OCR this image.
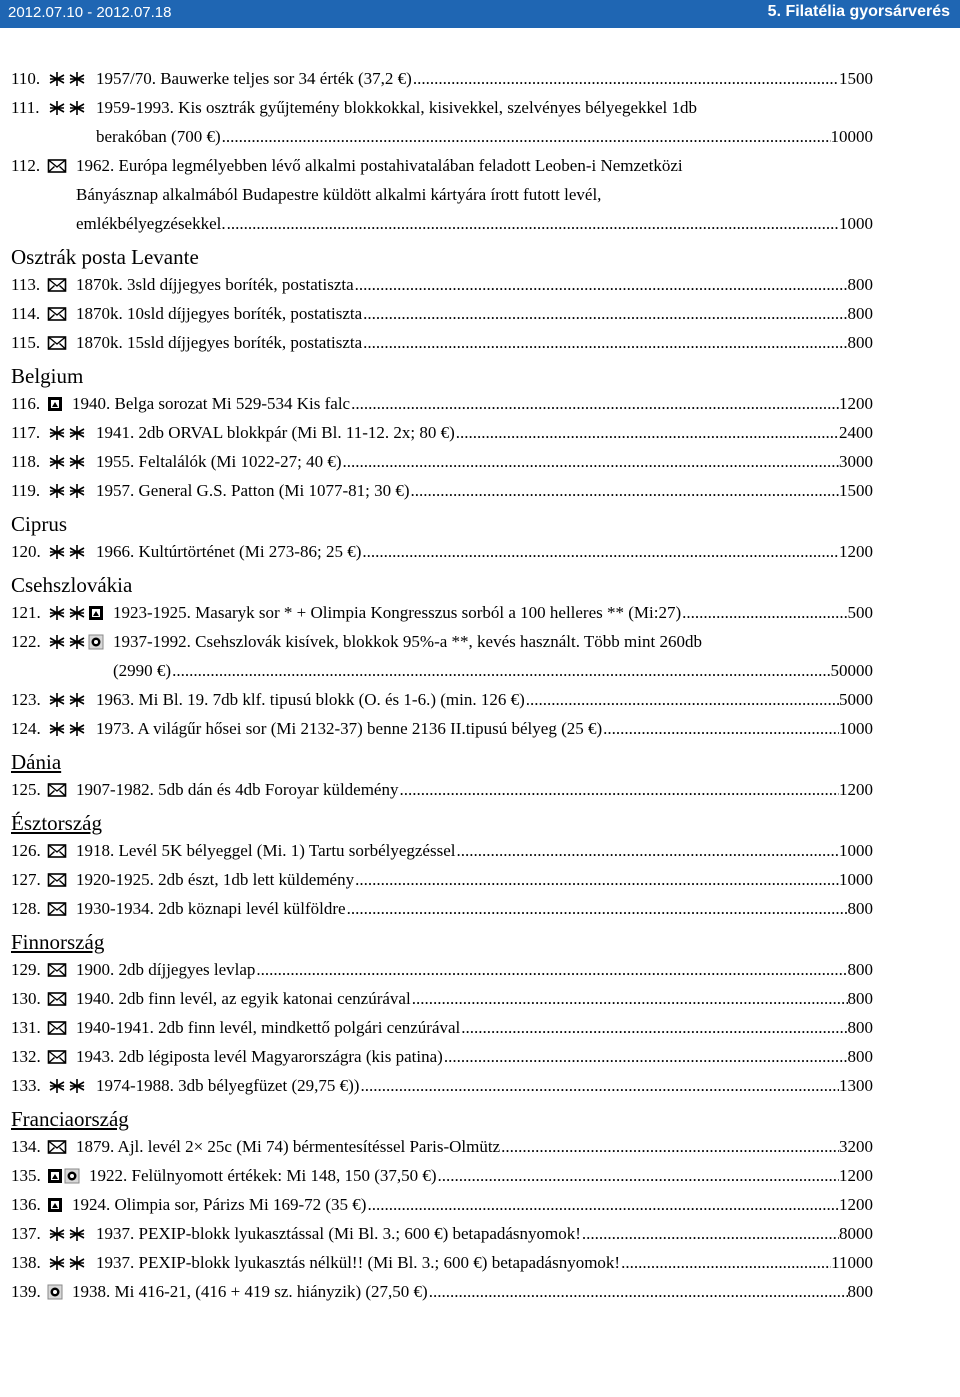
2012.07.10 - 2012.07.18	5. Filatélia gyorsárverés
110.	1957/70. Bauwerke teljes sor 34 érték (37,2 €) .....	1500
111.	1959-1993. Kis osztrák gyűjtemény blokkokkal, kisivekkel, szelvényes bélyegekkel 1db
berakóban (700 €) .....	10000
112. 1962. Európa legmélyebben lévő alkalmi postahivatalában feladott Leoben-i Nemzetközi
Bányásznap alkalmából Budapestre küldött alkalmi kártyára írott futott levél,
emlékbélyegzésekkel. .....	1000
Osztrák posta Levante
113. 1870k. 3sld díjjegyes boríték, postatiszta .....	800
114. 1870k. 10sld díjjegyes boríték, postatiszta .....	800
115. 1870k. 15sld díjjegyes boríték, postatiszta .....	800
Belgium
116. 1940. Belga sorozat Mi 529-534 Kis falc .....	1200
117.	1941. 2db ORVAL blokkpár (Mi Bl. 11-12. 2x; 80 €) .....	2400
118.	1955. Feltalálók (Mi 1022-27; 40 €) .....	3000
119.	1957. General G.S. Patton (Mi 1077-81; 30 €) .....	1500
Ciprus
120.	1966. Kultúrtörténet (Mi 273-86; 25 €) .....	1200
Csehszlovákia
121.	1923-1925. Masaryk sor * + Olimpia Kongresszus sorból a 100 helleres ** (Mi:27) .....	500
122.	1937-1992. Csehszlovák kisívek, blokkok 95%-a **, kevés használt. Több mint 260db
(2990 €) .....	50000
123.	1963. Mi Bl. 19. 7db klf. tipusú blokk (O. és 1-6.) (min. 126 €) .....	5000
124.	1973. A világűr hősei sor (Mi 2132-37) benne 2136 II.tipusú bélyeg (25 €) .....	1000
Dánia
125. 1907-1982. 5db dán és 4db Foroyar küldemény .....	1200
Észtország
126. 1918. Levél 5K bélyeggel (Mi. 1) Tartu sorbélyegzéssel .....	1000
127. 1920-1925. 2db észt, 1db lett küldemény .....	1000
128. 1930-1934. 2db köznapi levél külföldre .....	800
Finnország
129. 1900. 2db díjjegyes levlap .....	800
130. 1940. 2db finn levél, az egyik katonai cenzúrával .....	800
131. 1940-1941. 2db finn levél, mindkettő polgári cenzúrával .....	800
132. 1943. 2db légiposta levél Magyarországra (kis patina) .....	800
133.	1974-1988. 3db bélyegfüzet (29,75 €)) .....	1300
Franciaország
134. 1879. Ajl. levél 2× 25c (Mi 74) bérmentesítéssel Paris-Olmütz .....	3200
135.	1922. Felülnyomott értékek: Mi 148, 150 (37,50 €) .....	1200
136. 1924. Olimpia sor, Párizs Mi 169-72 (35 €) .....	1200
137.	1937. PEXIP-blokk lyukasztással (Mi Bl. 3.; 600 €) betapadásnyomok! .....	8000
138.	1937. PEXIP-blokk lyukasztás nélkül!! (Mi Bl. 3.; 600 €) betapadásnyomok! .....	11000
139. 1938. Mi 416-21, (416 + 419 sz. hiányzik) (27,50 €) .....	800
